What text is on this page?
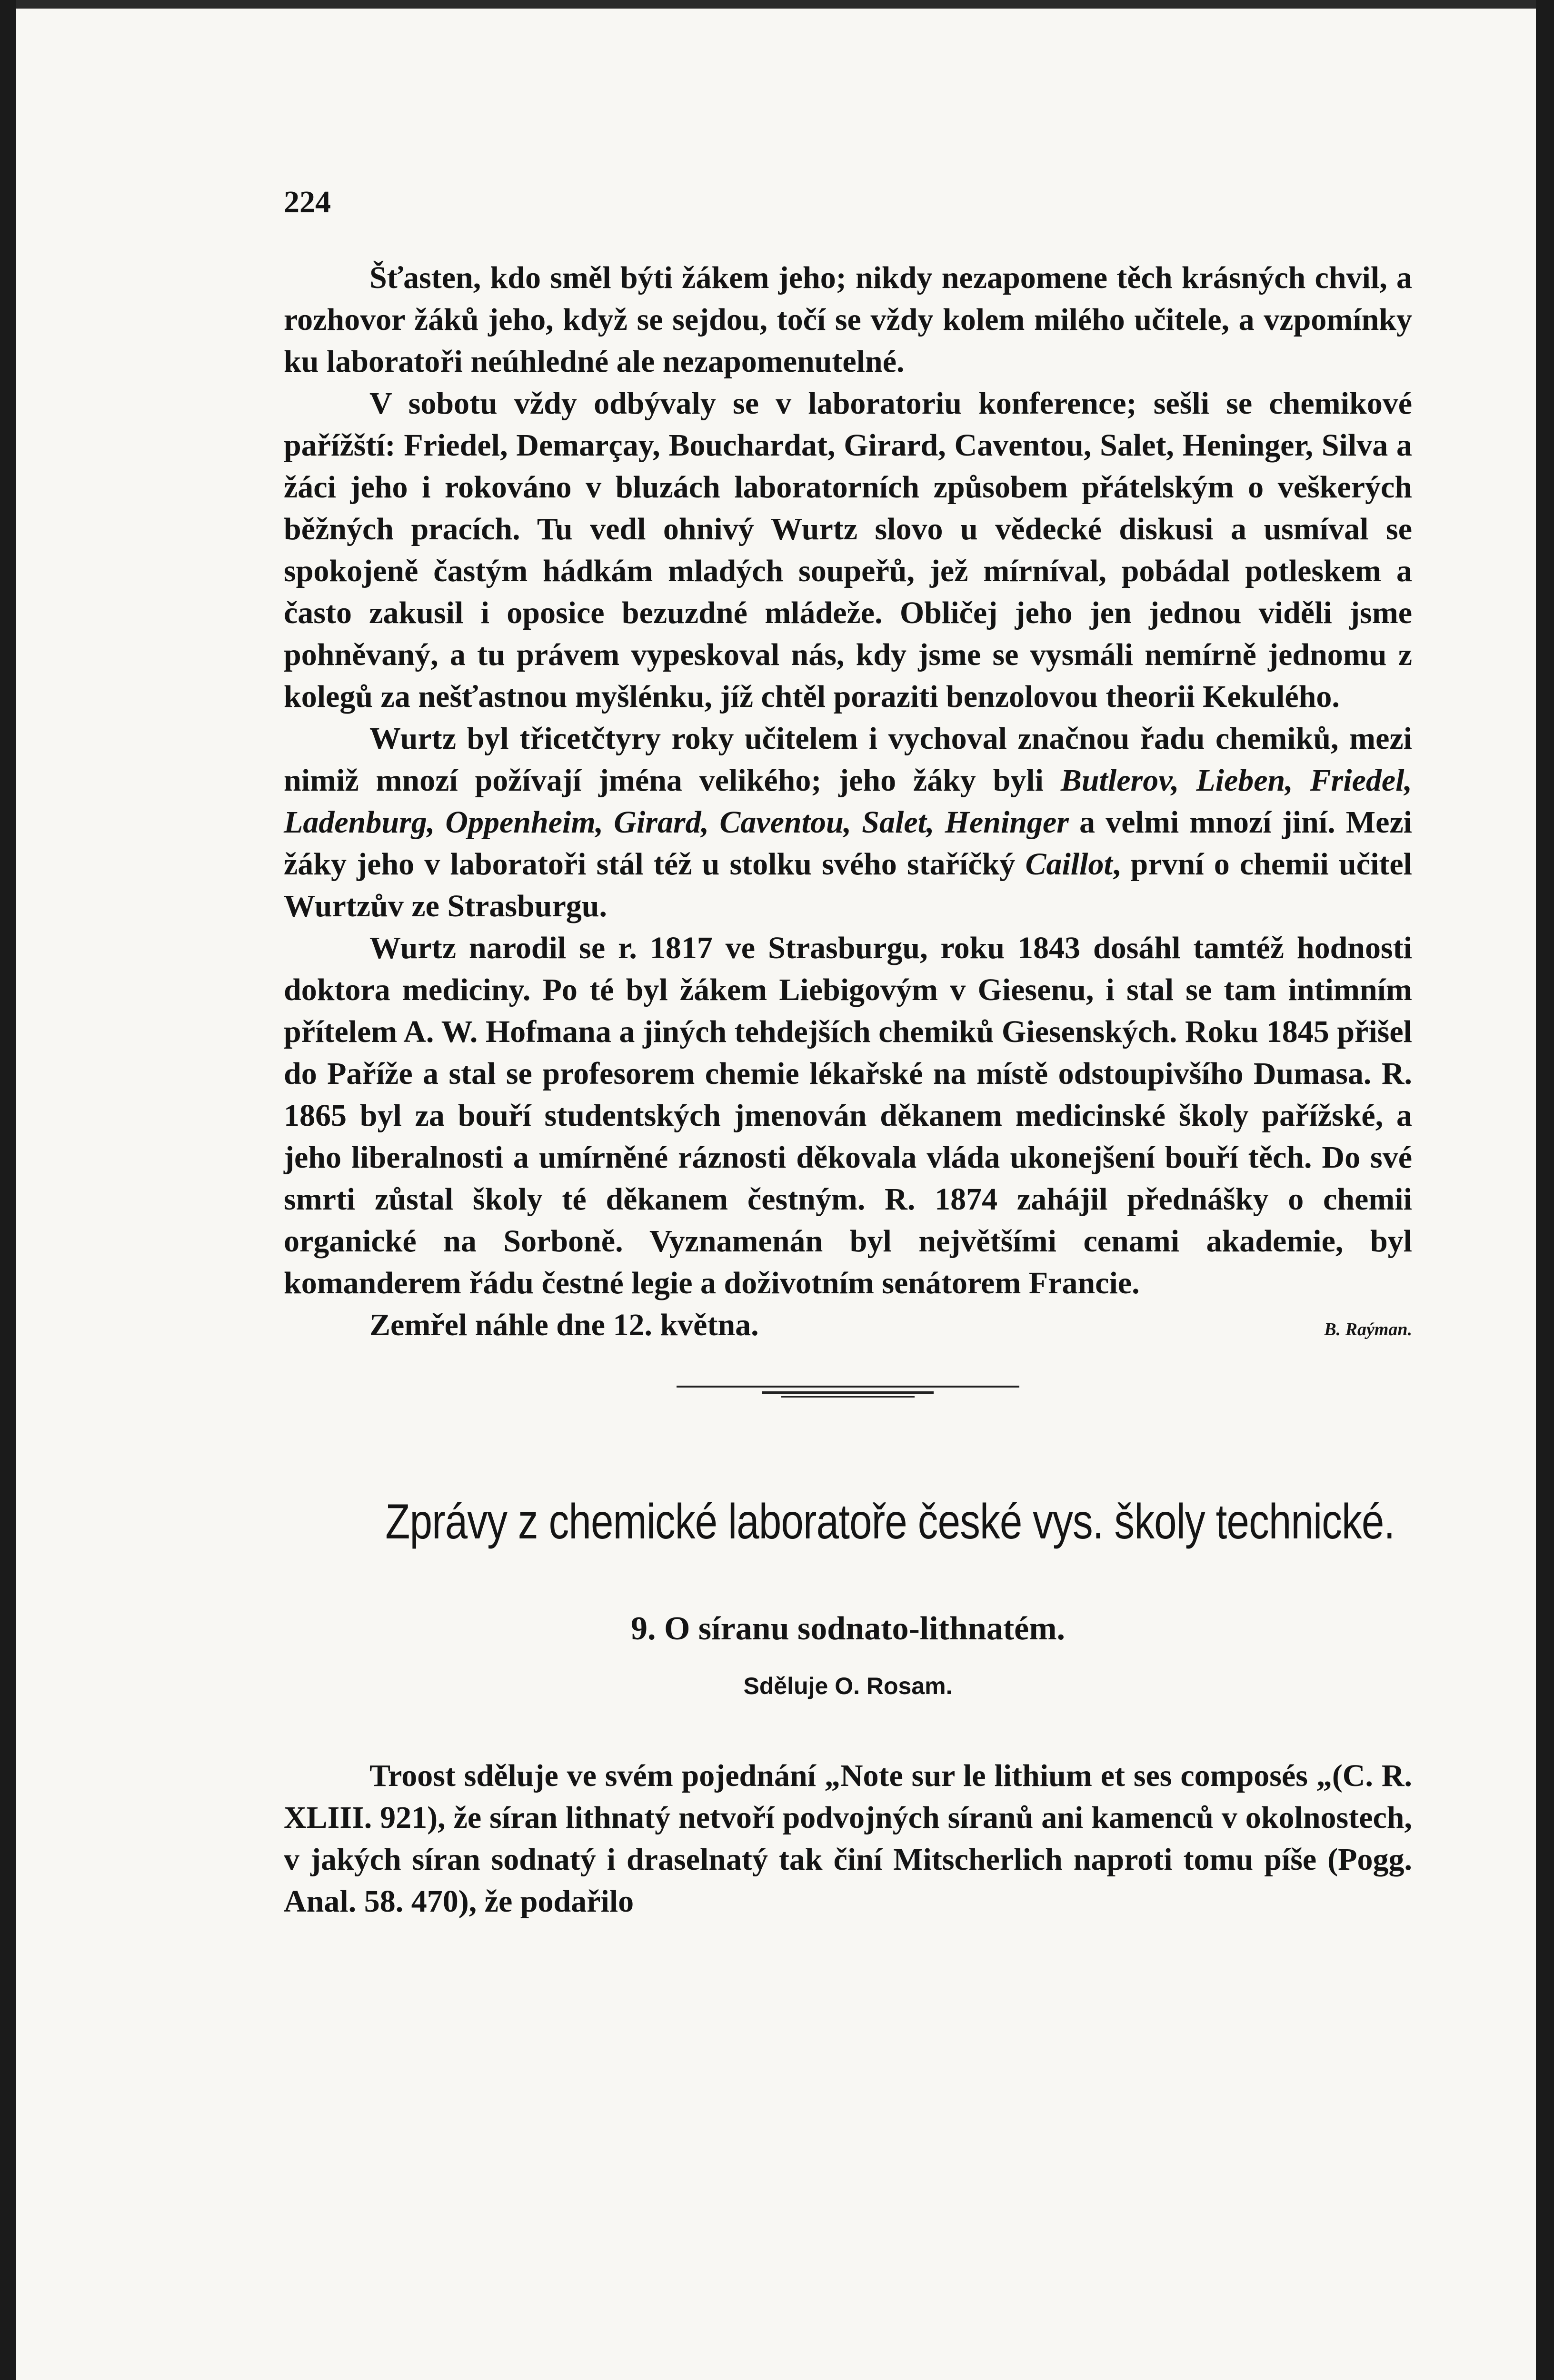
224

Šťasten, kdo směl býti žákem jeho; nikdy nezapomene těch krásných chvil, a rozhovor žáků jeho, když se sejdou, točí se vždy kolem milého učitele, a vzpomínky ku laboratoři neúhledné ale nezapomenutelné.

V sobotu vždy odbývaly se v laboratoriu konference; sešli se chemikové pařížští: Friedel, Demarçay, Bouchardat, Girard, Caventou, Salet, Heninger, Silva a žáci jeho i rokováno v bluzách laboratorních způsobem přátelským o veškerých běžných pracích. Tu vedl ohnivý Wurtz slovo u vědecké diskusi a usmíval se spokojeně častým hádkám mladých soupeřů, jež mírníval, pobádal potleskem a často zakusil i oposice bezuzdné mládeže. Obličej jeho jen jednou viděli jsme pohněvaný, a tu právem vypeskoval nás, kdy jsme se vysmáli nemírně jednomu z kolegů za nešťastnou myšlénku, jíž chtěl poraziti benzolovou theorii Kekulého.

Wurtz byl třicetčtyry roky učitelem i vychoval značnou řadu chemiků, mezi nimiž mnozí požívají jména velikého; jeho žáky byli Butlerov, Lieben, Friedel, Ladenburg, Oppenheim, Girard, Caventou, Salet, Heninger a velmi mnozí jiní. Mezi žáky jeho v laboratoři stál též u stolku svého staříčký Caillot, první o chemii učitel Wurtzův ze Strasburgu.

Wurtz narodil se r. 1817 ve Strasburgu, roku 1843 dosáhl tamtéž hodnosti doktora mediciny. Po té byl žákem Liebigovým v Giesenu, i stal se tam intimním přítelem A. W. Hofmana a jiných tehdejších chemiků Giesenských. Roku 1845 přišel do Paříže a stal se profesorem chemie lékařské na místě odstoupivšího Dumasa. R. 1865 byl za bouří studentských jmenován děkanem medicinské školy pařížské, a jeho liberalnosti a umírněné ráznosti děkovala vláda ukonejšení bouří těch. Do své smrti zůstal školy té děkanem čestným. R. 1874 zahájil přednášky o chemii organické na Sorboně. Vyznamenán byl největšími cenami akademie, byl komanderem řádu čestné legie a doživotním senátorem Francie.

Zemřel náhle dne 12. května.	B. Raýman.
Zprávy z chemické laboratoře české vys. školy technické.
9. O síranu sodnato-lithnatém.
Sděluje O. Rosam.

Troost sděluje ve svém pojednání „Note sur le lithium et ses composés „(C. R. XLIII. 921), že síran lithnatý netvoří podvojných síranů ani kamenců v okolnostech, v jakých síran sodnatý i draselnatý tak činí Mitscherlich naproti tomu píše (Pogg. Anal. 58. 470), že podařilo
